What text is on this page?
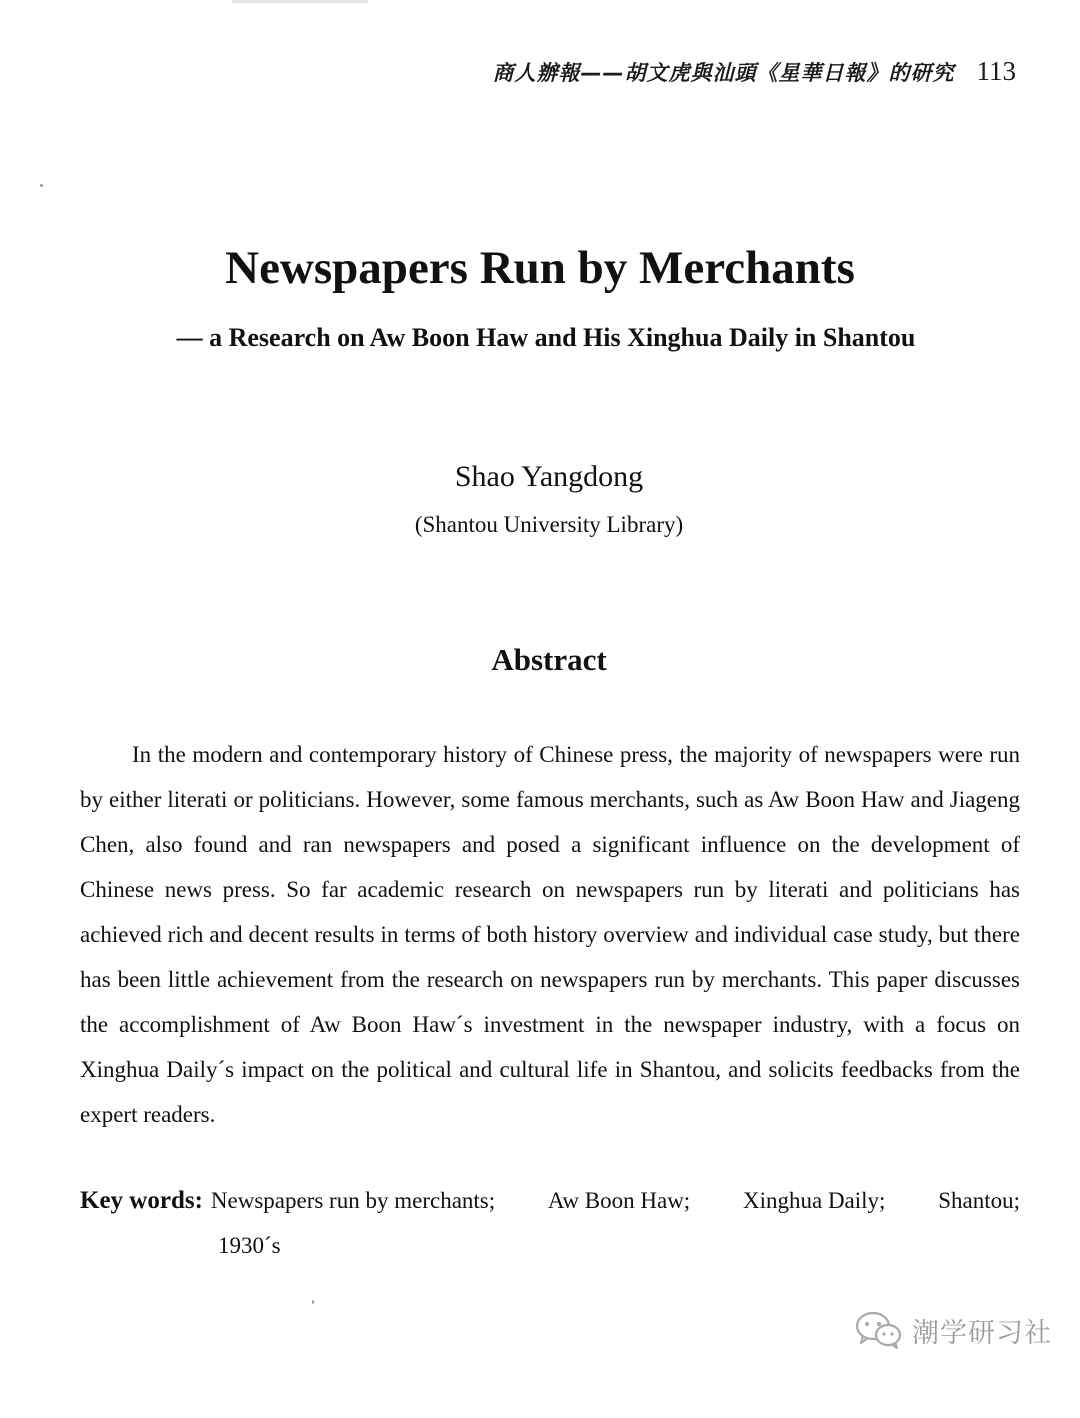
商人辦報——胡文虎與汕頭《星華日報》的研究 113
Newspapers Run by Merchants
— a Research on Aw Boon Haw and His Xinghua Daily in Shantou
Shao Yangdong
(Shantou University Library)
Abstract

In the modern and contemporary history of Chinese press, the majority of newspapers were run by either literati or politicians. However, some famous merchants, such as Aw Boon Haw and Jiageng Chen, also found and ran newspapers and posed a significant influence on the development of Chinese news press. So far academic research on newspapers run by literati and politicians has achieved rich and decent results in terms of both history overview and individual case study, but there has been little achievement from the research on newspapers run by merchants. This paper discusses the accomplishment of Aw Boon Haw´s investment in the newspaper industry, with a focus on Xinghua Daily´s impact on the political and cultural life in Shantou, and solicits feedbacks from the expert readers.

Key words: Newspapers run by merchants; Aw Boon Haw; Xinghua Daily; Shantou;
1930´s
潮学研习社
